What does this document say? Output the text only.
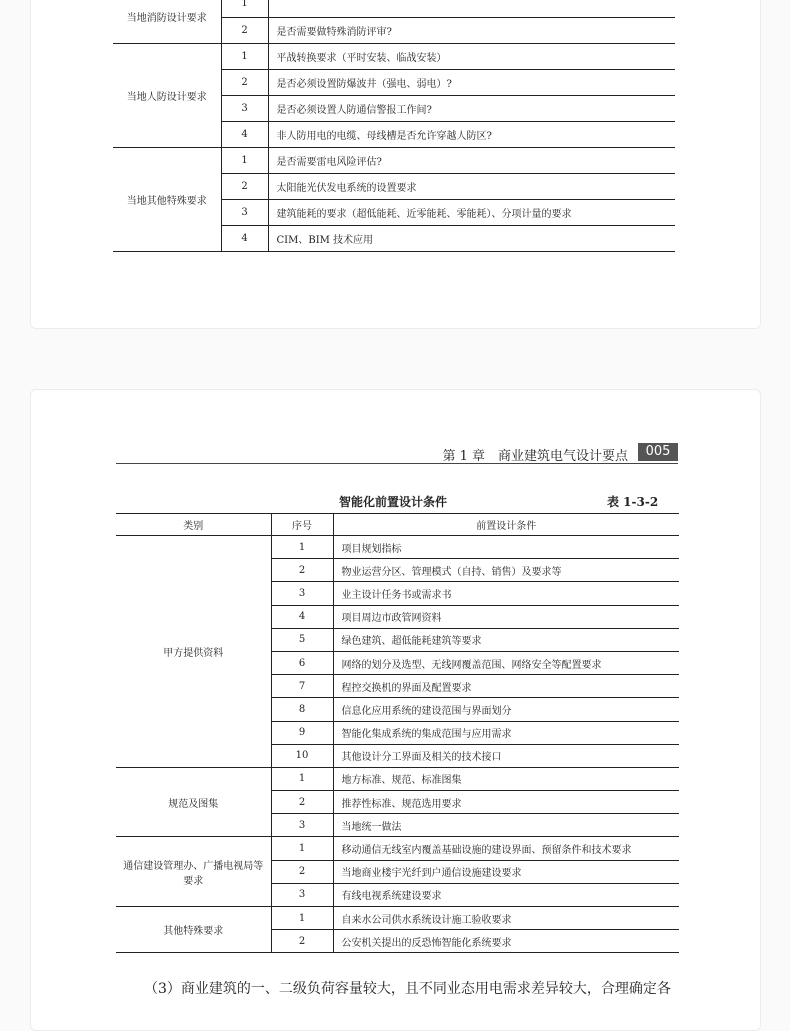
当地消防设计要求	1	
	2	是否需要做特殊消防评审?
当地人防设计要求	1	平战转换要求（平时安装、临战安装）
	2	是否必须设置防爆波井（强电、弱电）?
	3	是否必须设置人防通信警报工作间?
	4	非人防用电的电缆、母线槽是否允许穿越人防区?
当地其他特殊要求	1	是否需要雷电风险评估?
	2	太阳能光伏发电系统的设置要求
	3	建筑能耗的要求（超低能耗、近零能耗、零能耗）、分项计量的要求
	4	CIM、BIM 技术应用
第 1 章　商业建筑电气设计要点	005
智能化前置设计条件	表 1-3-2
类别	序号	前置设计条件
甲方提供资料	1	项目规划指标
	2	物业运营分区、管理模式（自持、销售）及要求等
	3	业主设计任务书或需求书
	4	项目周边市政管网资料
	5	绿色建筑、超低能耗建筑等要求
	6	网络的划分及选型、无线网覆盖范围、网络安全等配置要求
	7	程控交换机的界面及配置要求
	8	信息化应用系统的建设范围与界面划分
	9	智能化集成系统的集成范围与应用需求
	10	其他设计分工界面及相关的技术接口
规范及图集	1	地方标准、规范、标准图集
	2	推荐性标准、规范选用要求
	3	当地统一做法
通信建设管理办、广播电视局等要求	1	移动通信无线室内覆盖基础设施的建设界面、预留条件和技术要求
	2	当地商业楼宇光纤到户通信设施建设要求
	3	有线电视系统建设要求
其他特殊要求	1	自来水公司供水系统设计施工验收要求
	2	公安机关提出的反恐怖智能化系统要求
（3）商业建筑的一、二级负荷容量较大，且不同业态用电需求差异较大，合理确定各
